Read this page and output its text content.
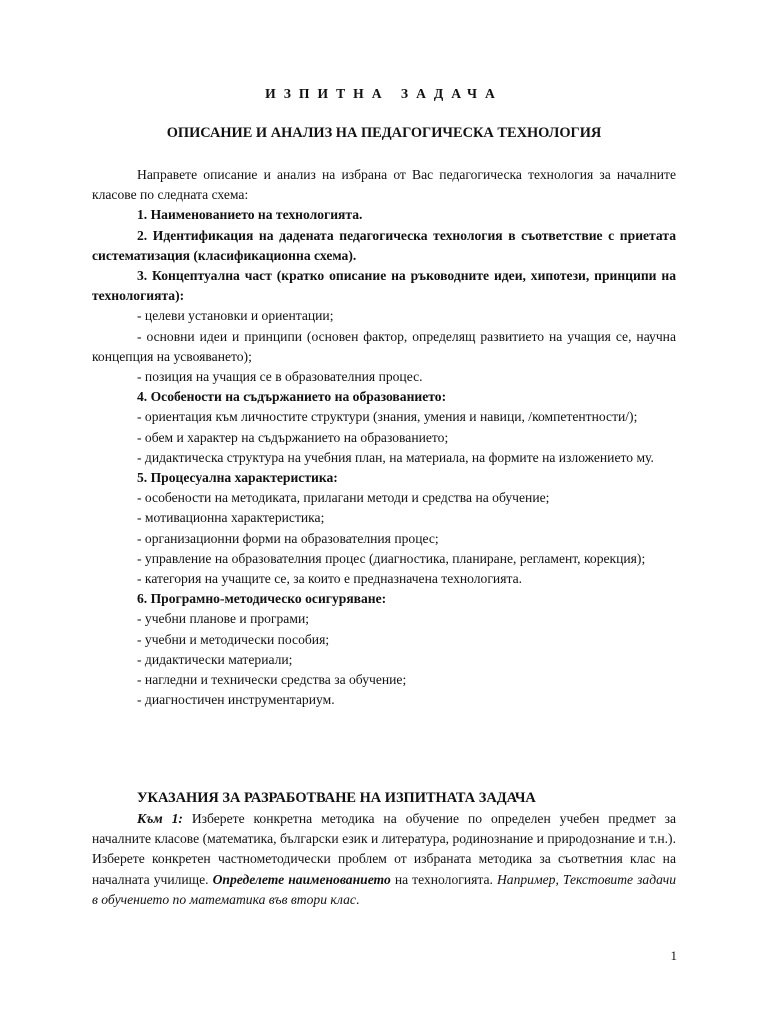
ИЗПИТНА ЗАДАЧА
ОПИСАНИЕ И АНАЛИЗ НА ПЕДАГОГИЧЕСКА ТЕХНОЛОГИЯ

Направете описание и анализ на избрана от Вас педагогическа технология за началните класове по следната схема:

1. Наименованието на технологията.

2. Идентификация на дадената педагогическа технология в съответствие с приетата систематизация (класификационна схема).

3. Концептуална част (кратко описание на ръководните идеи, хипотези, принципи на технологията):

- целеви установки и ориентации;

- основни идеи и принципи (основен фактор, определящ развитието на учащия се, научна концепция на усвояването);

- позиция на учащия се в образователния процес.

4. Особености на съдържанието на образованието:

- ориентация към личностите структури (знания, умения и навици, /компетентности/);

- обем и характер на съдържанието на образованието;

- дидактическа структура на учебния план, на материала, на формите на изложението му.

5. Процесуална характеристика:

- особености на методиката, прилагани методи и средства на обучение;

- мотивационна характеристика;

- организационни форми на образователния процес;

- управление на образователния процес (диагностика, планиране, регламент, корекция);

- категория на учащите се, за които е предназначена технологията.

6. Програмно-методическо осигуряване:

- учебни планове и програми;

- учебни и методически пособия;

- дидактически материали;

- нагледни и технически средства за обучение;

- диагностичен инструментариум.

УКАЗАНИЯ ЗА РАЗРАБОТВАНЕ НА ИЗПИТНАТА ЗАДАЧА

Към 1: Изберете конкретна методика на обучение по определен учебен предмет за началните класове (математика, български език и литература, родинознание и природознание и т.н.). Изберете конкретен частнометодически проблем от избраната методика за съответния клас на началната училище. Определете наименованието на технологията. Например, Текстовите задачи в обучението по математика във втори клас.

1
